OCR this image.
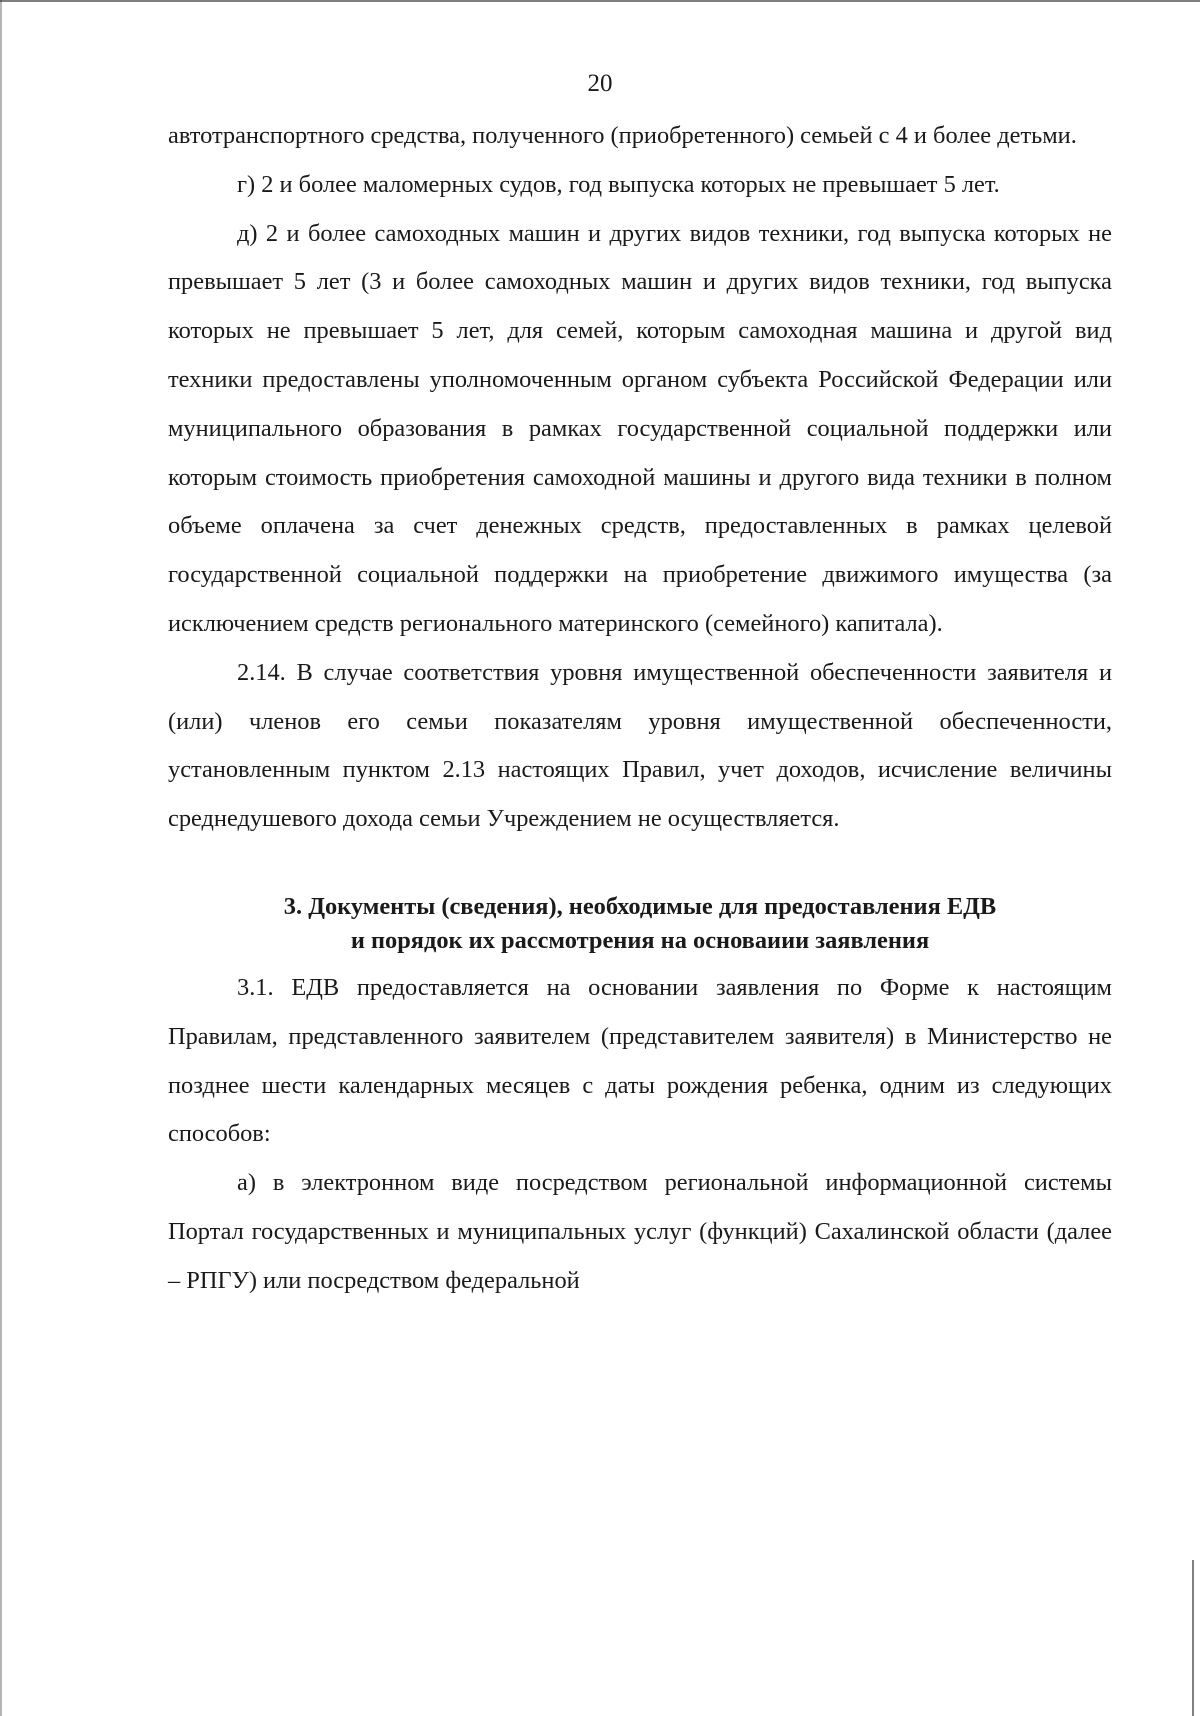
20

автотранспортного средства, полученного (приобретенного) семьей с 4 и более детьми.

г) 2 и более маломерных судов, год выпуска которых не превышает 5 лет.

д) 2 и более самоходных машин и других видов техники, год выпуска которых не превышает 5 лет (3 и более самоходных машин и других видов техники, год выпуска которых не превышает 5 лет, для семей, которым самоходная машина и другой вид техники предоставлены уполномоченным органом субъекта Российской Федерации или муниципального образования в рамках государственной социальной поддержки или которым стоимость приобретения самоходной машины и другого вида техники в полном объеме оплачена за счет денежных средств, предоставленных в рамках целевой государственной социальной поддержки на приобретение движимого имущества (за исключением средств регионального материнского (семейного) капитала).

2.14. В случае соответствия уровня имущественной обеспеченности заявителя и (или) членов его семьи показателям уровня имущественной обеспеченности, установленным пунктом 2.13 настоящих Правил, учет доходов, исчисление величины среднедушевого дохода семьи Учреждением не осуществляется.

3. Документы (сведения), необходимые для предоставления ЕДВ
и порядок их рассмотрения на основаиии заявления

3.1. ЕДВ предоставляется на основании заявления по Форме к настоящим Правилам, представленного заявителем (представителем заявителя) в Министерство не позднее шести календарных месяцев с даты рождения ребенка, одним из следующих способов:

а) в электронном виде посредством региональной информационной системы Портал государственных и муниципальных услуг (функций) Сахалинской области (далее – РПГУ) или посредством федеральной
